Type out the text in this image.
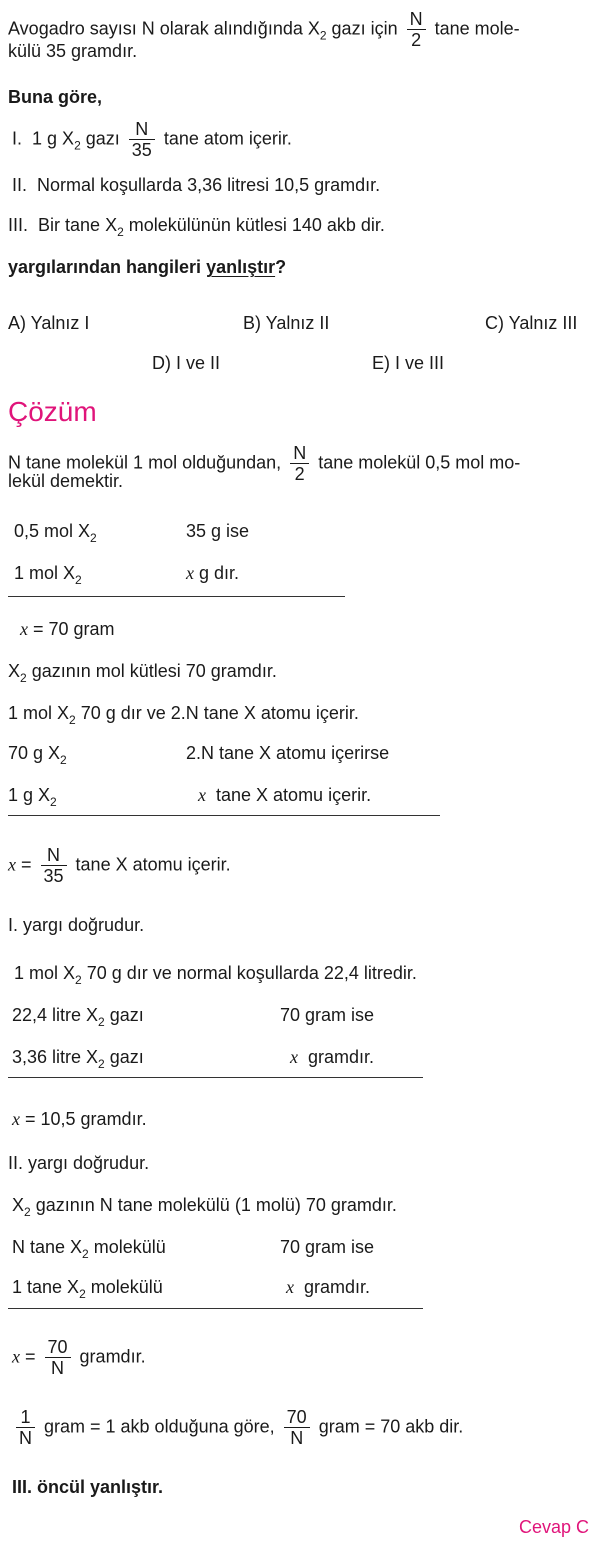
Avogadro sayısı N olarak alındığında $X_2$ gazı için $\frac{N}{2}$ tane mole-
külü 35 gramdır.
Buna göre,
I. 1 g $X_2$ gazı $\frac{N}{35}$ tane atom içerir.
II. Normal koşullarda 3,36 litresi 10,5 gramdır.
III. Bir tane $X_2$ molekülünün kütlesi 140 akb dir.
yargılarından hangileri yanlıştır?
A) Yalnız I	B) Yalnız II	C) Yalnız III
D) I ve II	E) I ve III
Çözüm
N tane molekül 1 mol olduğundan, $\frac{N}{2}$ tane molekül 0,5 mol mo-
lekül demektir.
0,5 mol $X_2$	35 g ise
1 mol $X_2$	x g dır.
x = 70 gram
$X_2$ gazının mol kütlesi 70 gramdır.
1 mol $X_2$ 70 g dır ve 2.N tane X atomu içerir.
70 g $X_2$	2.N tane X atomu içerirse
1 g $X_2$	x  tane X atomu içerir.
$x = \frac{N}{35}$ tane X atomu içerir.
I. yargı doğrudur.
1 mol $X_2$ 70 g dır ve normal koşullarda 22,4 litredir.
22,4 litre $X_2$ gazı	70 gram ise
3,36 litre $X_2$ gazı	x  gramdır.
x = 10,5 gramdır.
II. yargı doğrudur.
$X_2$ gazının N tane molekülü (1 molü) 70 gramdır.
N tane $X_2$ molekülü	70 gram ise
1 tane $X_2$ molekülü	x  gramdır.
$x = \frac{70}{N}$ gramdır.
$\frac{1}{N}$ gram = 1 akb olduğuna göre, $\frac{70}{N}$ gram = 70 akb dir.
III. öncül yanlıştır.
Cevap C
